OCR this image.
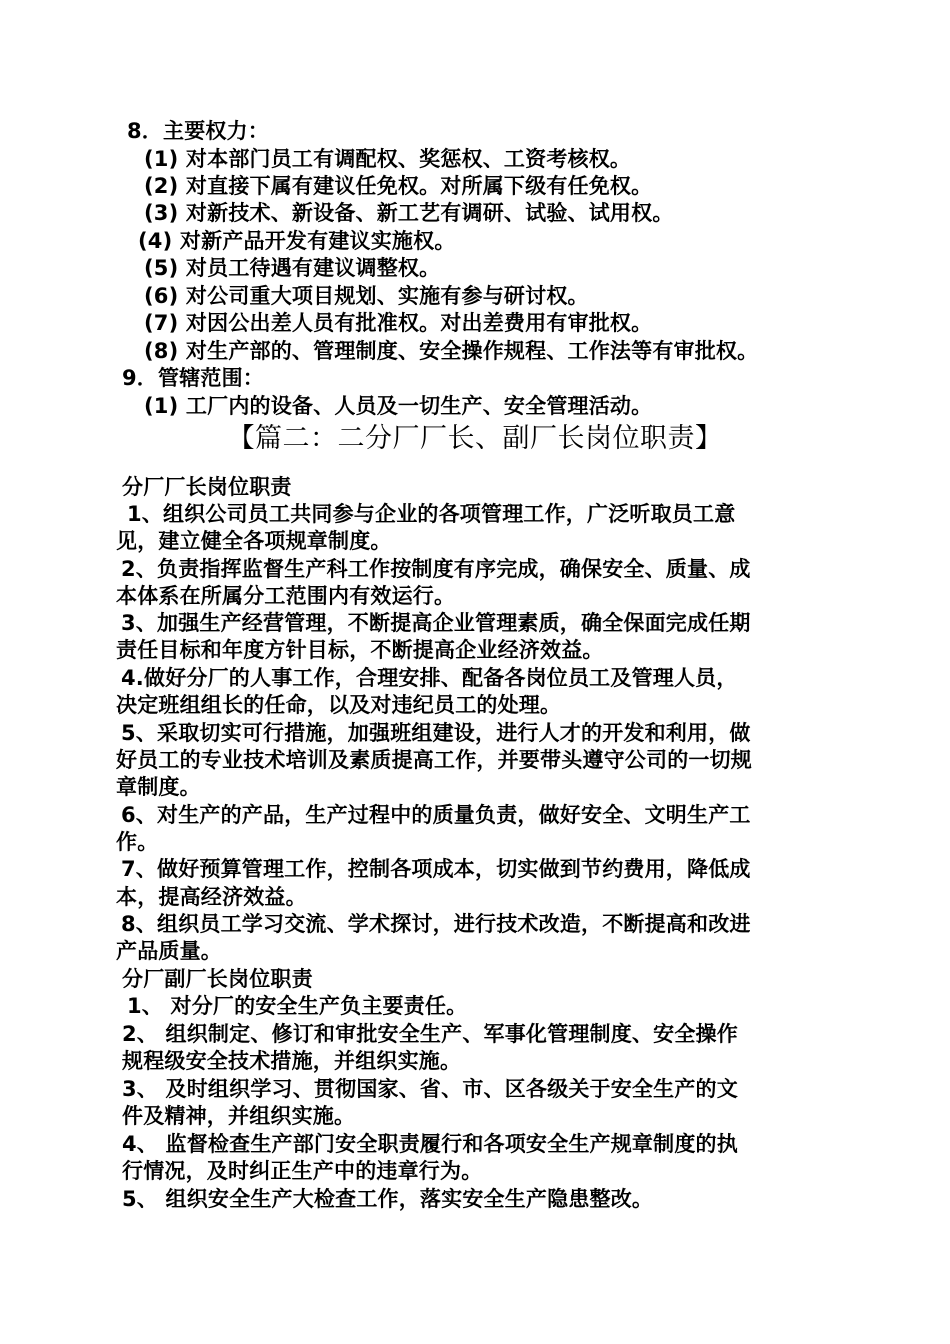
8．主要权力：
(1) 对本部门员工有调配权、奖惩权、工资考核权。
(2) 对直接下属有建议任免权。对所属下级有任免权。
(3) 对新技术、新设备、新工艺有调研、试验、试用权。
(4) 对新产品开发有建议实施权。
(5) 对员工待遇有建议调整权。
(6) 对公司重大项目规划、实施有参与研讨权。
(7) 对因公出差人员有批准权。对出差费用有审批权。
(8) 对生产部的、管理制度、安全操作规程、工作法等有审批权。
9．管辖范围：
(1) 工厂内的设备、人员及一切生产、安全管理活动。
【篇二：二分厂厂长、副厂长岗位职责】
分厂厂长岗位职责
1、组织公司员工共同参与企业的各项管理工作，广泛听取员工意
见，建立健全各项规章制度。
2、负责指挥监督生产科工作按制度有序完成，确保安全、质量、成
本体系在所属分工范围内有效运行。
3、加强生产经营管理，不断提高企业管理素质，确全保面完成任期
责任目标和年度方针目标，不断提高企业经济效益。
4.做好分厂的人事工作，合理安排、配备各岗位员工及管理人员，
决定班组组长的任命，以及对违纪员工的处理。
5、采取切实可行措施，加强班组建设，进行人才的开发和利用，做
好员工的专业技术培训及素质提高工作，并要带头遵守公司的一切规
章制度。
6、对生产的产品，生产过程中的质量负责，做好安全、文明生产工
作。
7、做好预算管理工作，控制各项成本，切实做到节约费用，降低成
本，提高经济效益。
8、组织员工学习交流、学术探讨，进行技术改造，不断提高和改进
产品质量。
分厂副厂长岗位职责
1、 对分厂的安全生产负主要责任。
2、 组织制定、修订和审批安全生产、军事化管理制度、安全操作
规程级安全技术措施，并组织实施。
3、 及时组织学习、贯彻国家、省、市、区各级关于安全生产的文
件及精神，并组织实施。
4、 监督检查生产部门安全职责履行和各项安全生产规章制度的执
行情况，及时纠正生产中的违章行为。
5、 组织安全生产大检查工作，落实安全生产隐患整改。
